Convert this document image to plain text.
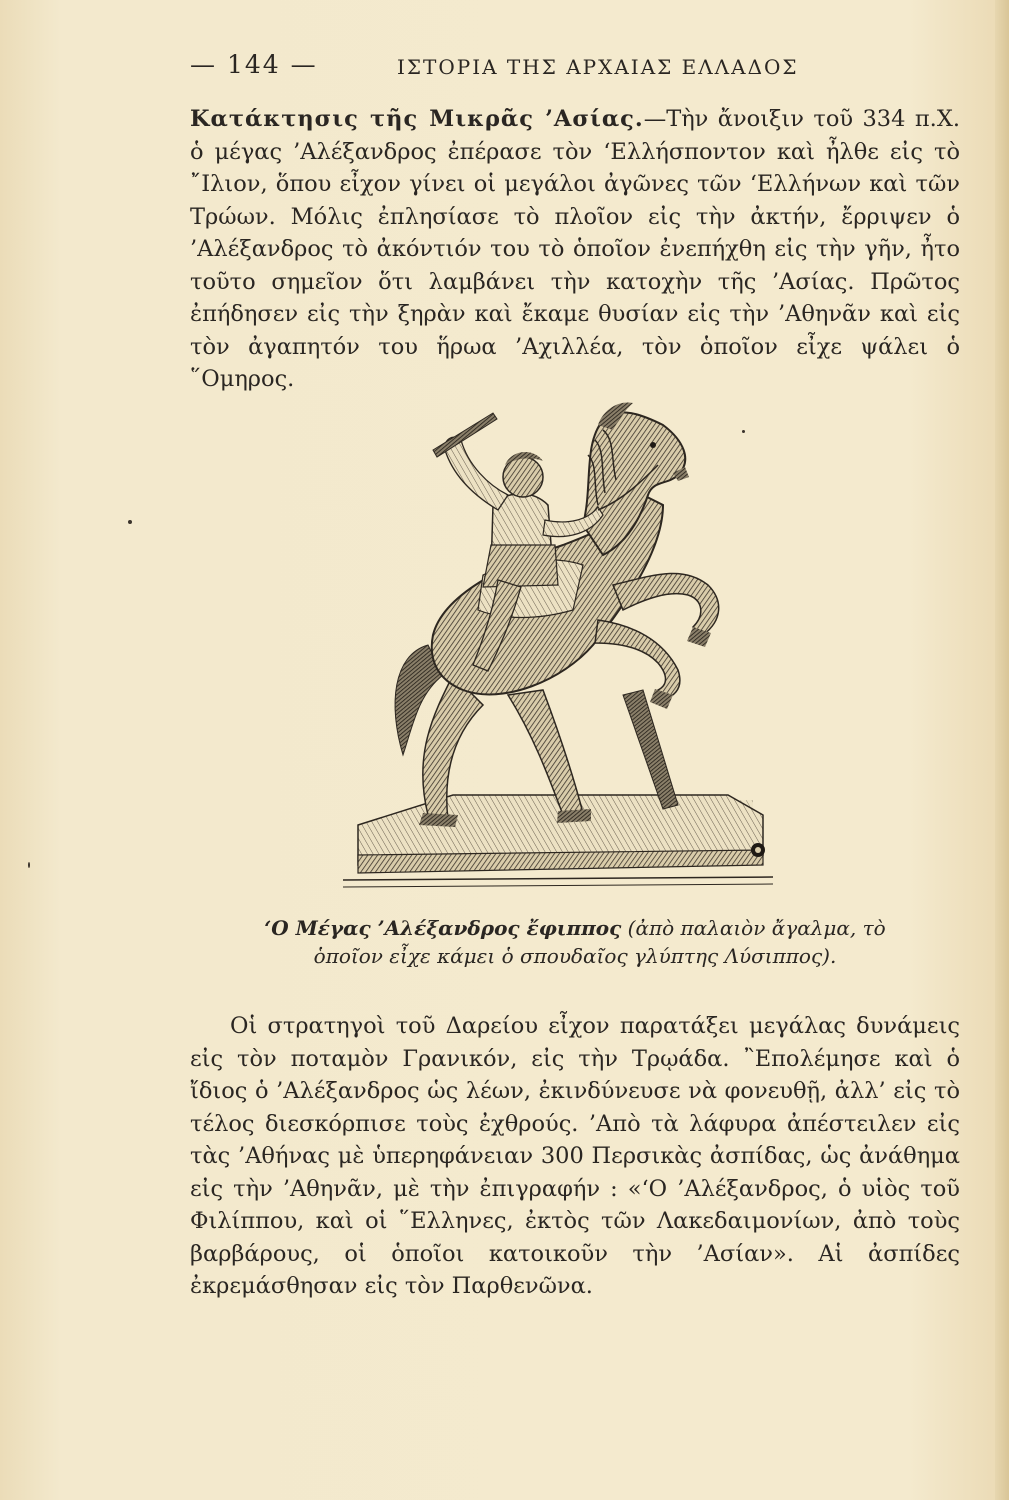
— 144 —	ΙΣΤΟΡΙΑ ΤΗΣ ΑΡΧΑΙΑΣ ΕΛΛΑΔΟΣ

Κατάκτησις τῆς Μικρᾶς ’Ασίας.—Τὴν ἄνοιξιν τοῦ 334 π.Χ. ὁ μέγας ’Αλέξανδρος ἐπέρασε τὸν ‘Ελλήσποντον καὶ ἦλθε εἰς τὸ ῎Ιλιον, ὅπου εἶχον γίνει οἱ μεγάλοι ἀγῶνες τῶν ‘Ελλήνων καὶ τῶν Τρώων. Μόλις ἐπλησίασε τὸ πλοῖον εἰς τὴν ἀκτήν, ἔρριψεν ὁ ’Αλέξανδρος τὸ ἀκόντιόν του τὸ ὁποῖον ἐνεπήχθη εἰς τὴν γῆν, ἦτο τοῦτο σημεῖον ὅτι λαμβάνει τὴν κατοχὴν τῆς ’Ασίας. Πρῶτος ἐπήδησεν εἰς τὴν ξηρὰν καὶ ἔκαμε θυσίαν εἰς τὴν ’Αθηνᾶν καὶ εἰς τὸν ἀγαπητόν του ἥρωα ’Αχιλλέα, τὸν ὁποῖον εἶχε ψάλει ὁ ῞Ομηρος.

‘Ο Μέγας ’Αλέξανδρος ἔφιππος (ἀπὸ παλαιὸν ἄγαλμα, τὸ ὁποῖον εἶχε κάμει ὁ σπουδαῖος γλύπτης Λύσιππος).

Οἱ στρατηγοὶ τοῦ Δαρείου εἶχον παρατάξει μεγάλας δυνάμεις εἰς τὸν ποταμὸν Γρανικόν, εἰς τὴν Τρῳάδα. ῍Επολέμησε καὶ ὁ ἴδιος ὁ ’Αλέξανδρος ὡς λέων, ἐκινδύνευσε νὰ φονευθῇ, ἀλλ’ εἰς τὸ τέλος διεσκόρπισε τοὺς ἐχθρούς. ’Απὸ τὰ λάφυρα ἀπέστειλεν εἰς τὰς ’Αθήνας μὲ ὑπερηφάνειαν 300 Περσικὰς ἀσπίδας, ὡς ἀνάθημα εἰς τὴν ’Αθηνᾶν, μὲ τὴν ἐπιγραφήν : «‘Ο ’Αλέξανδρος, ὁ υἱὸς τοῦ Φιλίππου, καὶ οἱ ῞Ελληνες, ἐκτὸς τῶν Λακεδαιμονίων, ἀπὸ τοὺς βαρβάρους, οἱ ὁποῖοι κατοικοῦν τὴν ’Ασίαν». Αἱ ἀσπίδες ἐκρεμάσθησαν εἰς τὸν Παρθενῶνα.
